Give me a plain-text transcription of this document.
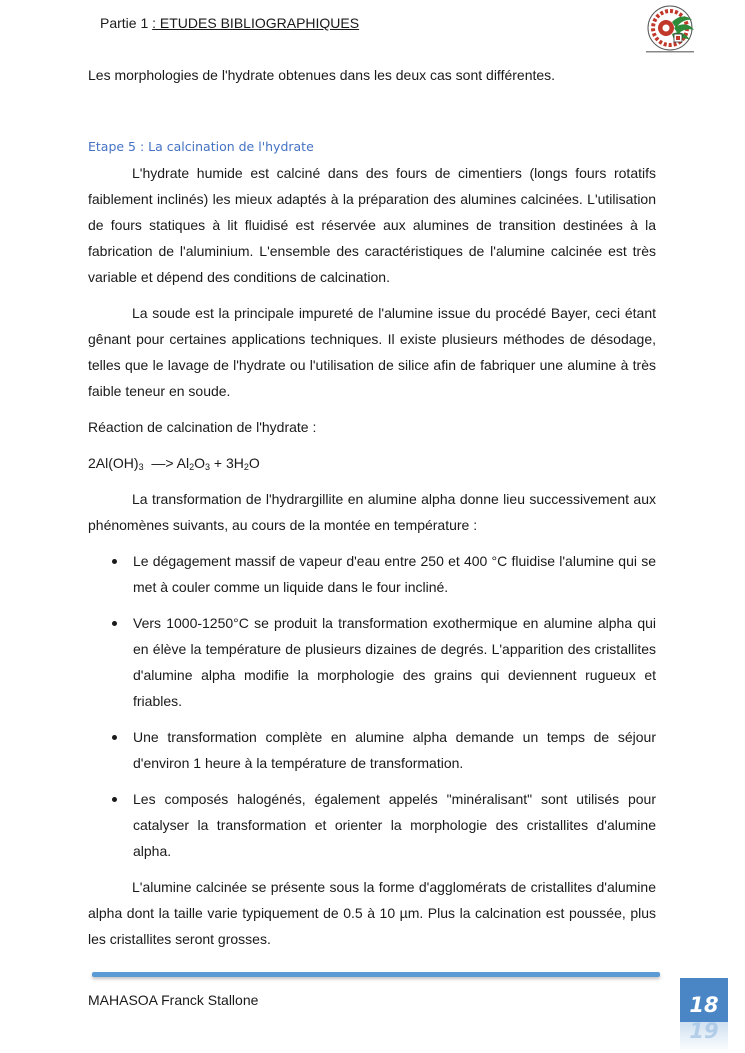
Partie 1 : ETUDES BIBLIOGRAPHIQUES

Les morphologies de l'hydrate obtenues dans les deux cas sont différentes.

Etape 5 : La calcination de l'hydrate

L'hydrate humide est calciné dans des fours de cimentiers (longs fours rotatifs faiblement inclinés) les mieux adaptés à la préparation des alumines calcinées. L'utilisation de fours statiques à lit fluidisé est réservée aux alumines de transition destinées à la fabrication de l'aluminium. L'ensemble des caractéristiques de l'alumine calcinée est très variable et dépend des conditions de calcination.

La soude est la principale impureté de l'alumine issue du procédé Bayer, ceci étant gênant pour certaines applications techniques. Il existe plusieurs méthodes de désodage, telles que le lavage de l'hydrate ou l'utilisation de silice afin de fabriquer une alumine à très faible teneur en soude.

Réaction de calcination de l'hydrate :

$2Al(OH)_3$ —> $Al_2O_3 + 3H_2O$

La transformation de l'hydrargillite en alumine alpha donne lieu successivement aux phénomènes suivants, au cours de la montée en température :

Le dégagement massif de vapeur d'eau entre 250 et 400 °C fluidise l'alumine qui se met à couler comme un liquide dans le four incliné.
Vers 1000-1250°C se produit la transformation exothermique en alumine alpha qui en élève la température de plusieurs dizaines de degrés. L'apparition des cristallites d'alumine alpha modifie la morphologie des grains qui deviennent rugueux et friables.
Une transformation complète en alumine alpha demande un temps de séjour d'environ 1 heure à la température de transformation.
Les composés halogénés, également appelés "minéralisant" sont utilisés pour catalyser la transformation et orienter la morphologie des cristallites d'alumine alpha.

L'alumine calcinée se présente sous la forme d'agglomérats de cristallites d'alumine alpha dont la taille varie typiquement de 0.5 à 10 µm. Plus la calcination est poussée, plus les cristallites seront grosses.

MAHASOA Franck Stallone	18
19
